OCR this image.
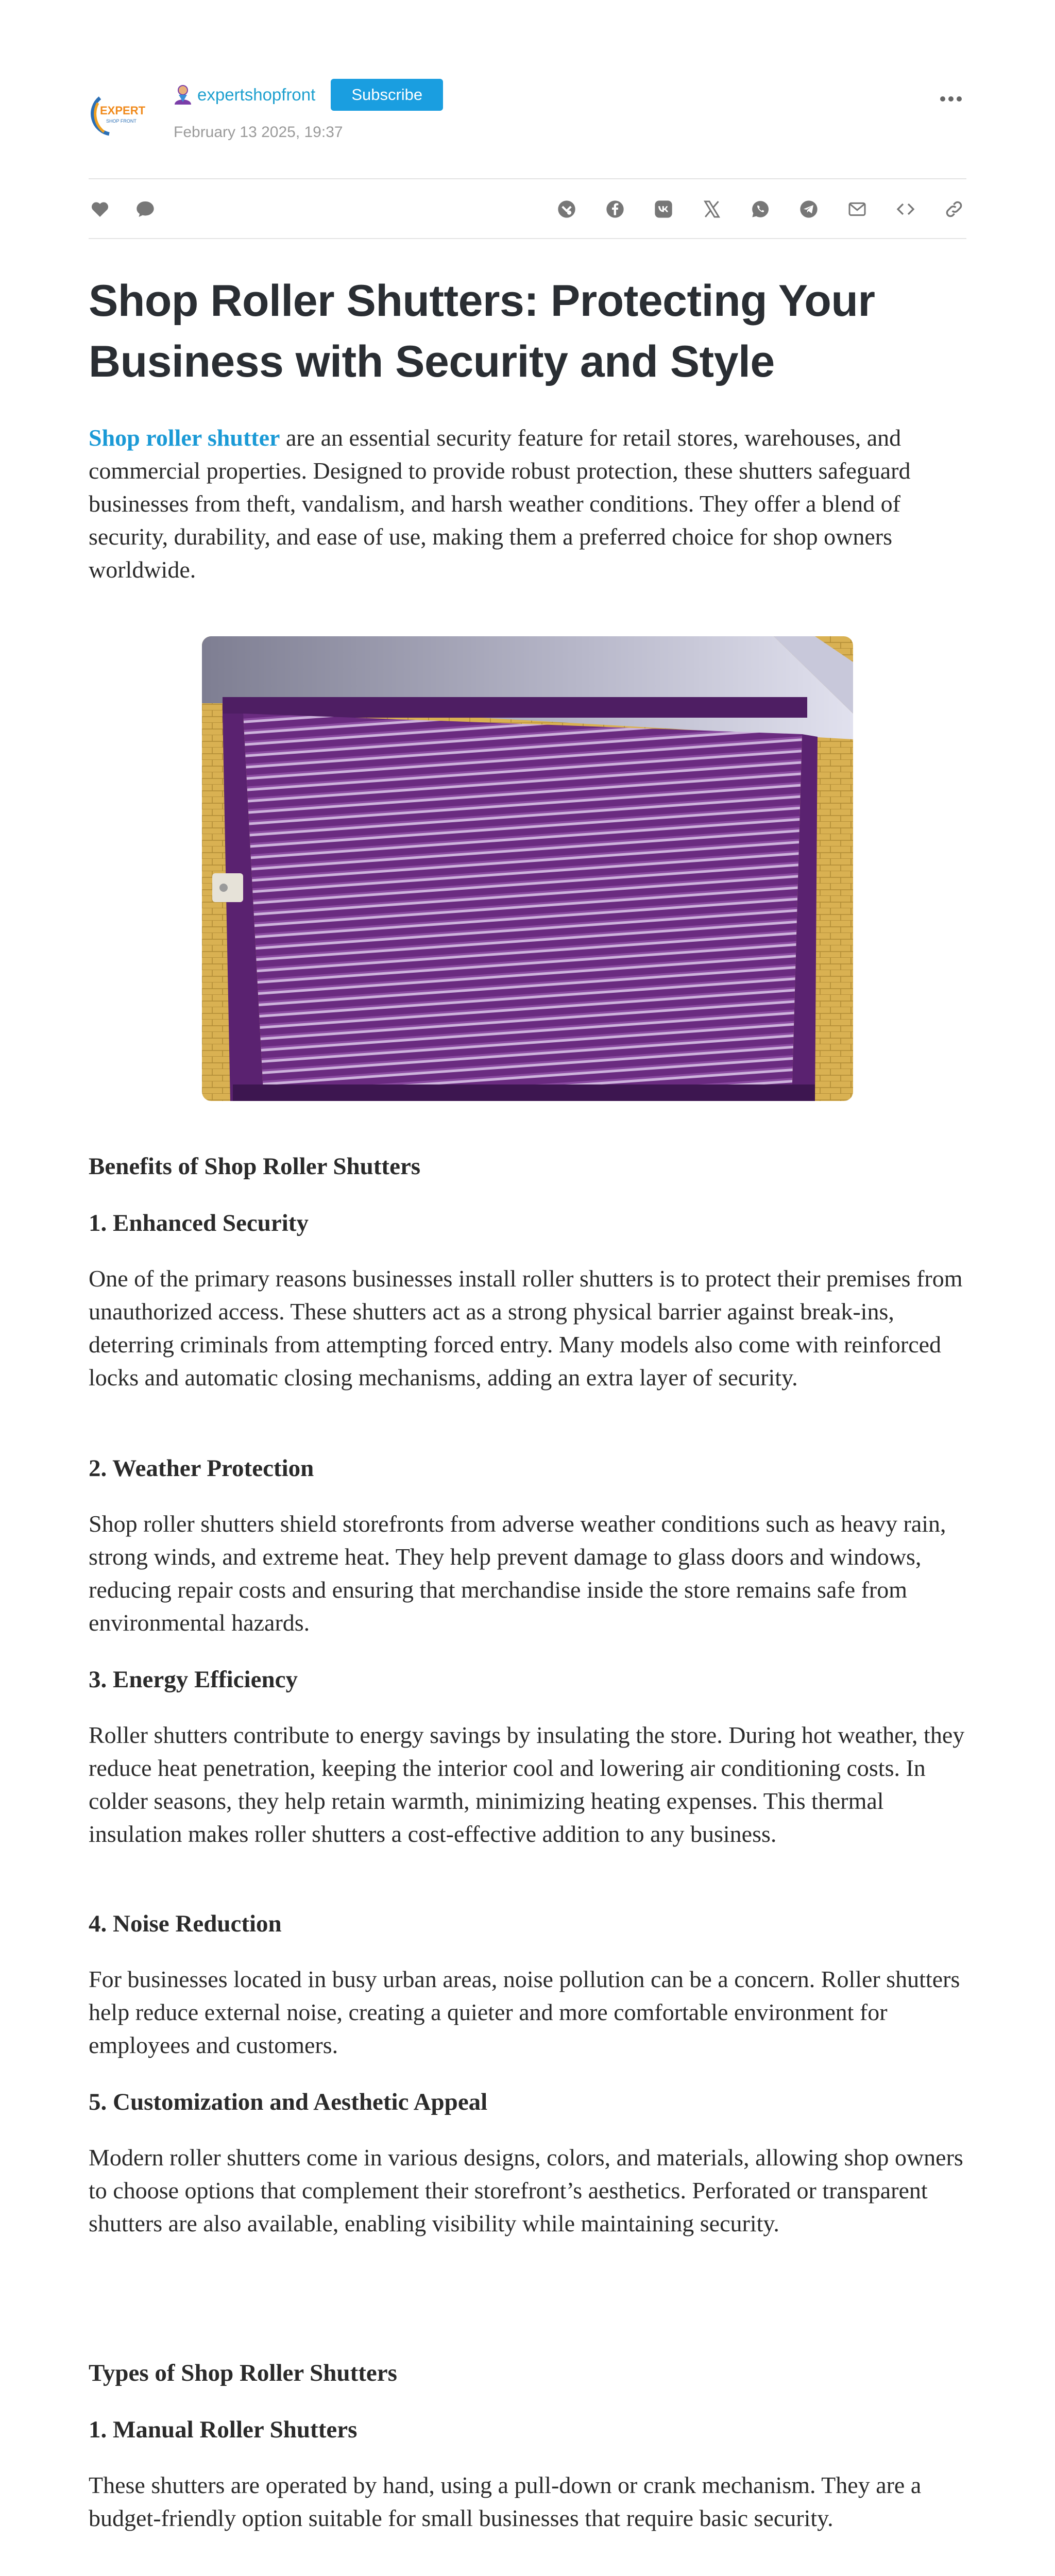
EXPERT
SHOP FRONT
expertshopfront	Subscribe
February 13 2025, 19:37
Shop Roller Shutters: Protecting Your Business with Security and Style

Shop roller shutter are an essential security feature for retail stores, warehouses, and commercial properties. Designed to provide robust protection, these shutters safeguard businesses from theft, vandalism, and harsh weather conditions. They offer a blend of security, durability, and ease of use, making them a preferred choice for shop owners worldwide.

Benefits of Shop Roller Shutters
1. Enhanced Security

One of the primary reasons businesses install roller shutters is to protect their premises from unauthorized access. These shutters act as a strong physical barrier against break-ins, deterring criminals from attempting forced entry. Many models also come with reinforced locks and automatic closing mechanisms, adding an extra layer of security.

2. Weather Protection

Shop roller shutters shield storefronts from adverse weather conditions such as heavy rain, strong winds, and extreme heat. They help prevent damage to glass doors and windows, reducing repair costs and ensuring that merchandise inside the store remains safe from environmental hazards.

3. Energy Efficiency

Roller shutters contribute to energy savings by insulating the store. During hot weather, they reduce heat penetration, keeping the interior cool and lowering air conditioning costs. In colder seasons, they help retain warmth, minimizing heating expenses. This thermal insulation makes roller shutters a cost-effective addition to any business.

4. Noise Reduction

For businesses located in busy urban areas, noise pollution can be a concern. Roller shutters help reduce external noise, creating a quieter and more comfortable environment for employees and customers.

5. Customization and Aesthetic Appeal

Modern roller shutters come in various designs, colors, and materials, allowing shop owners to choose options that complement their storefront’s aesthetics. Perforated or transparent shutters are also available, enabling visibility while maintaining security.

Types of Shop Roller Shutters
1. Manual Roller Shutters

These shutters are operated by hand, using a pull-down or crank mechanism. They are a budget-friendly option suitable for small businesses that require basic security.
